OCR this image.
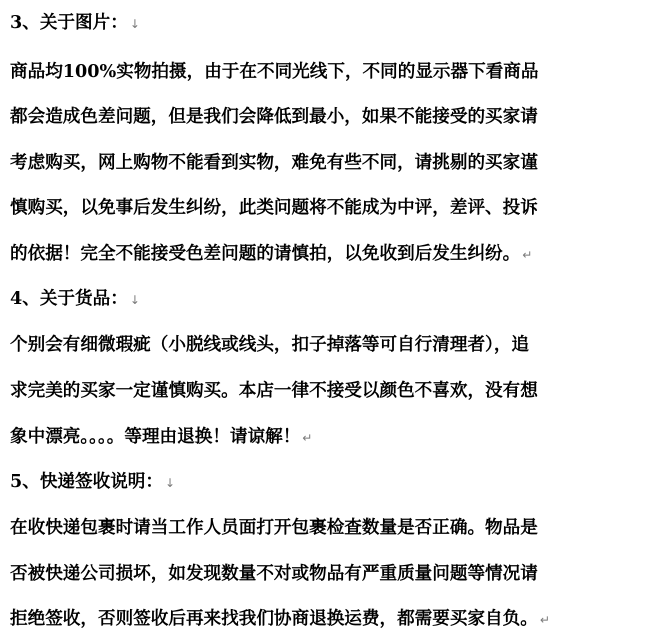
3、关于图片： ↓
商品均100%实物拍摄，由于在不同光线下，不同的显示器下看商品
都会造成色差问题，但是我们会降低到最小，如果不能接受的买家请
考虑购买，网上购物不能看到实物，难免有些不同，请挑剔的买家谨
慎购买，以免事后发生纠纷，此类问题将不能成为中评，差评、投诉
的依据！完全不能接受色差问题的请慎拍，以免收到后发生纠纷。 ↵
4、关于货品： ↓
个别会有细微瑕疵（小脱线或线头，扣子掉落等可自行清理者），追
求完美的买家一定谨慎购买。本店一律不接受以颜色不喜欢，没有想
象中漂亮。。。。等理由退换！请谅解！ ↵
5、快递签收说明： ↓
在收快递包裹时请当工作人员面打开包裹检查数量是否正确。物品是
否被快递公司损坏，如发现数量不对或物品有严重质量问题等情况请
拒绝签收，否则签收后再来找我们协商退换运费，都需要买家自负。 ↵
